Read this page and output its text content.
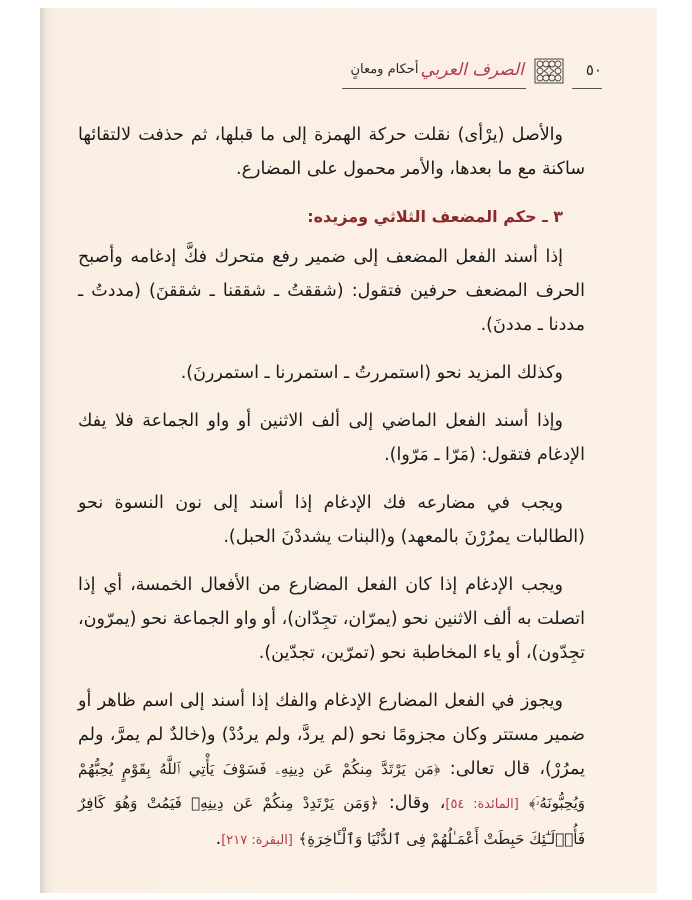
٥٠
الصرف العربي
أحكام ومعانٍ

والأصل (يرْأى) نقلت حركة الهمزة إلى ما قبلها، ثم حذفت لالتقائها ساكنة مع ما بعدها، والأمر محمول على المضارع.

٣ ـ حكم المضعف الثلاثي ومزيده:

إذا أسند الفعل المضعف إلى ضمير رفع متحرك فكَّ إدغامه وأصبح الحرف المضعف حرفين فتقول: (شققتُ ـ شققنا ـ شققنَ) (مددتُ ـ مددنا ـ مددنَ).

وكذلك المزيد نحو (استمررتُ ـ استمررنا ـ استمررنَ).

وإذا أسند الفعل الماضي إلى ألف الاثنين أو واو الجماعة فلا يفك الإدغام فتقول: (مَرّا ـ مَرّوا).

ويجب في مضارعه فك الإدغام إذا أسند إلى نون النسوة نحو (الطالبات يمرُرْنَ بالمعهد) و(البنات يشددْنَ الحبل).

ويجب الإدغام إذا كان الفعل المضارع من الأفعال الخمسة، أي إذا اتصلت به ألف الاثنين نحو (يمرّان، تجِدّان)، أو واو الجماعة نحو (يمرّون، تجِدّون)، أو ياء المخاطبة نحو (تمرّين، تجدّين).

ويجوز في الفعل المضارع الإدغام والفك إذا أسند إلى اسم ظاهر أو ضمير مستتر وكان مجزومًا نحو (لم يردَّ، ولم يردُدْ) و(خالدٌ لم يمرَّ، ولم يمرُرْ)، قال تعالى: ﴿مَن يَرْتَدَّ مِنكُمْ عَن دِينِهِۦ فَسَوْفَ يَأْتِي ٱللَّهُ بِقَوْمٍ يُحِبُّهُمْ وَيُحِبُّونَهُۥٓ﴾ [المائدة: ٥٤]، وقال: ﴿وَمَن يَرْتَدِدْ مِنكُمْ عَن دِينِهِۦ فَيَمُتْ وَهُوَ كَافِرٌ فَأُو۟لَـٰٓئِكَ حَبِطَتْ أَعْمَـٰلُهُمْ فِى ٱلدُّنْيَا وَٱلْـَٔاخِرَةِ﴾ [البقرة: ٢١٧].
